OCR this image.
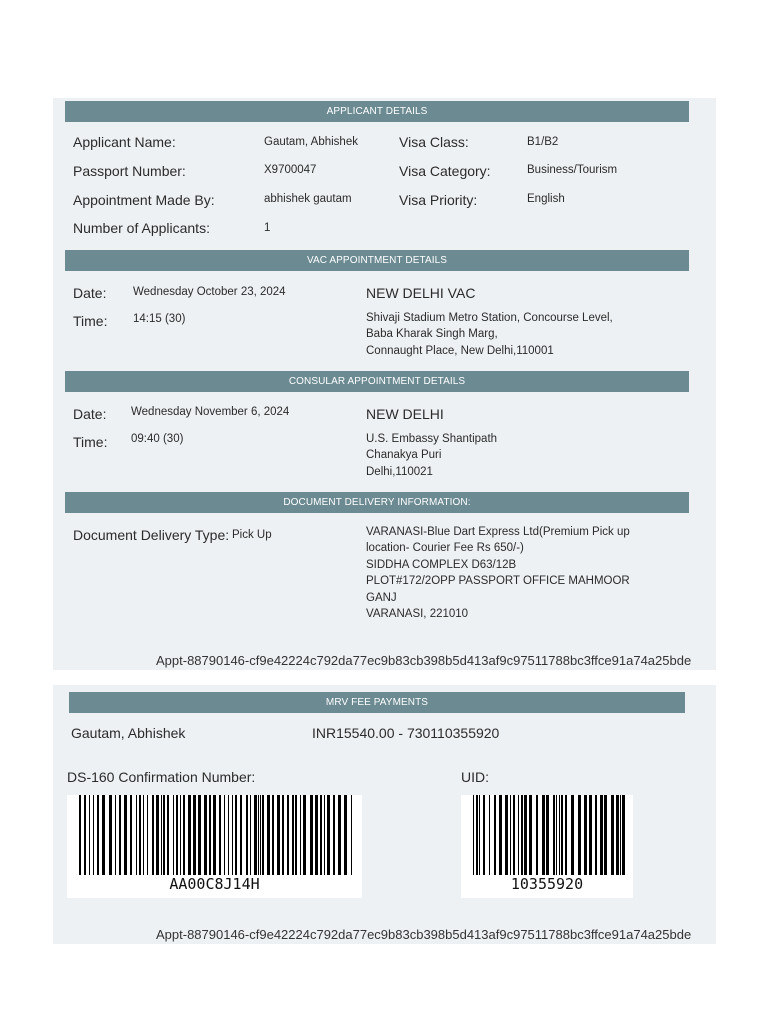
APPLICANT DETAILS
Applicant Name:	Gautam, Abhishek	Visa Class:	B1/B2
Passport Number:	X9700047	Visa Category:	Business/Tourism
Appointment Made By:	abhishek gautam	Visa Priority:	English
Number of Applicants:	1
VAC APPOINTMENT DETAILS
Date: Wednesday October 23, 2024
Time: 14:15 (30)
NEW DELHI VAC
Shivaji Stadium Metro Station, Concourse Level,
Baba Kharak Singh Marg,
Connaught Place, New Delhi,110001
CONSULAR APPOINTMENT DETAILS
Date: Wednesday November 6, 2024
Time: 09:40 (30)
NEW DELHI
U.S. Embassy Shantipath
Chanakya Puri
Delhi,110021
DOCUMENT DELIVERY INFORMATION:
Document Delivery Type: Pick Up	VARANASI-Blue Dart Express Ltd(Premium Pick up
location- Courier Fee Rs 650/-)
SIDDHA COMPLEX D63/12B
PLOT#172/2OPP PASSPORT OFFICE MAHMOOR
GANJ
VARANASI, 221010
Appt-88790146-cf9e42224c792da77ec9b83cb398b5d413af9c97511788bc3ffce91a74a25bde
MRV FEE PAYMENTS
Gautam, Abhishek	INR15540.00 - 730110355920
DS-160 Confirmation Number:	UID:
AA00C8J14H	10355920
Appt-88790146-cf9e42224c792da77ec9b83cb398b5d413af9c97511788bc3ffce91a74a25bde
